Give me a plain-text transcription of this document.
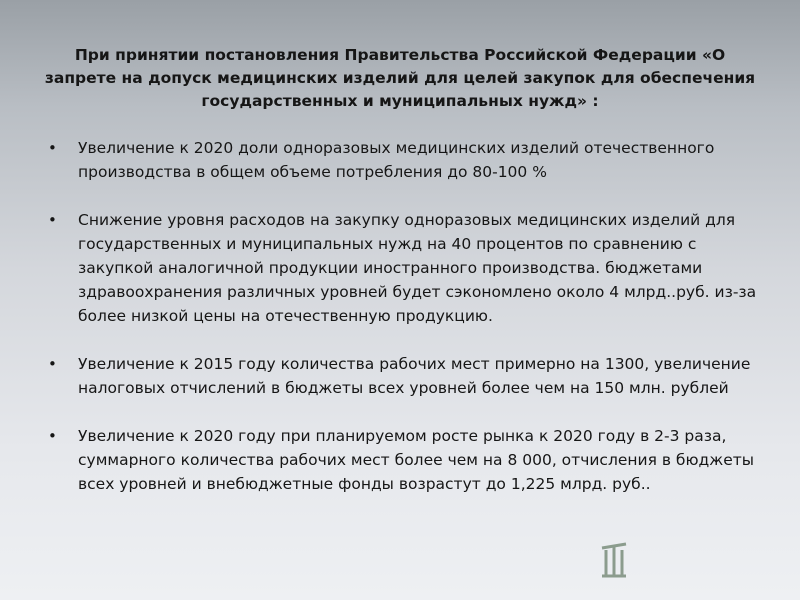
При принятии постановления Правительства Российской Федерации «О запрете на допуск медицинских изделий для целей закупок для обеспечения государственных и муниципальных нужд» :
• Увеличение к 2020 доли одноразовых медицинских изделий отечественного производства в общем объеме потребления до 80-100 %
• Снижение уровня расходов на закупку одноразовых медицинских изделий для государственных и муниципальных нужд на 40 процентов по сравнению с закупкой аналогичной продукции иностранного производства. бюджетами здравоохранения различных уровней будет сэкономлено около 4 млрд..руб. из-за более низкой цены на отечественную продукцию.
• Увеличение к 2015 году количества рабочих мест примерно на 1300, увеличение налоговых отчислений в бюджеты всех уровней более чем на 150 млн. рублей
• Увеличение к 2020 году при планируемом росте рынка к 2020 году в 2-3 раза, суммарного количества рабочих мест более чем на 8 000, отчисления в бюджеты всех уровней и внебюджетные фонды возрастут до 1,225 млрд. руб..
